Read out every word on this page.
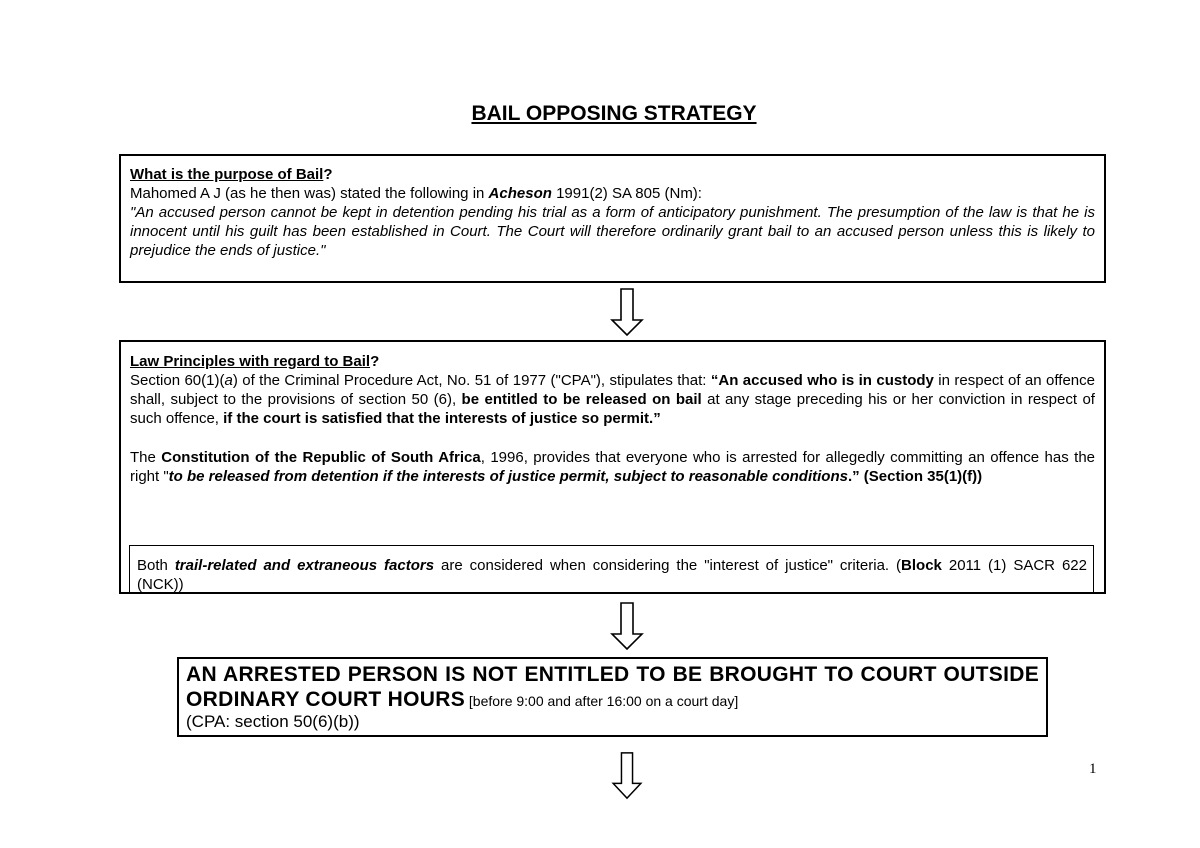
BAIL OPPOSING STRATEGY

What is the purpose of Bail?

Mahomed A J (as he then was) stated the following in Acheson 1991(2) SA 805 (Nm):

"An accused person cannot be kept in detention pending his trial as a form of anticipatory punishment. The presumption of the law is that he is innocent until his guilt has been established in Court. The Court will therefore ordinarily grant bail to an accused person unless this is likely to prejudice the ends of justice."

Law Principles with regard to Bail?

Section 60(1)(a) of the Criminal Procedure Act, No. 51 of 1977 ("CPA"), stipulates that: “An accused who is in custody in respect of an offence shall, subject to the provisions of section 50 (6), be entitled to be released on bail at any stage preceding his or her conviction in respect of such offence, if the court is satisfied that the interests of justice so permit.”

The Constitution of the Republic of South Africa, 1996, provides that everyone who is arrested for allegedly committing an offence has the right "to be released from detention if the interests of justice permit, subject to reasonable conditions.” (Section 35(1)(f))

Both trail-related and extraneous factors are considered when considering the "interest of justice" criteria. (Block 2011 (1) SACR 622 (NCK))

AN ARRESTED PERSON IS NOT ENTITLED TO BE BROUGHT TO COURT OUTSIDE ORDINARY COURT HOURS [before 9:00 and after 16:00 on a court day]

(CPA: section 50(6)(b))

1
